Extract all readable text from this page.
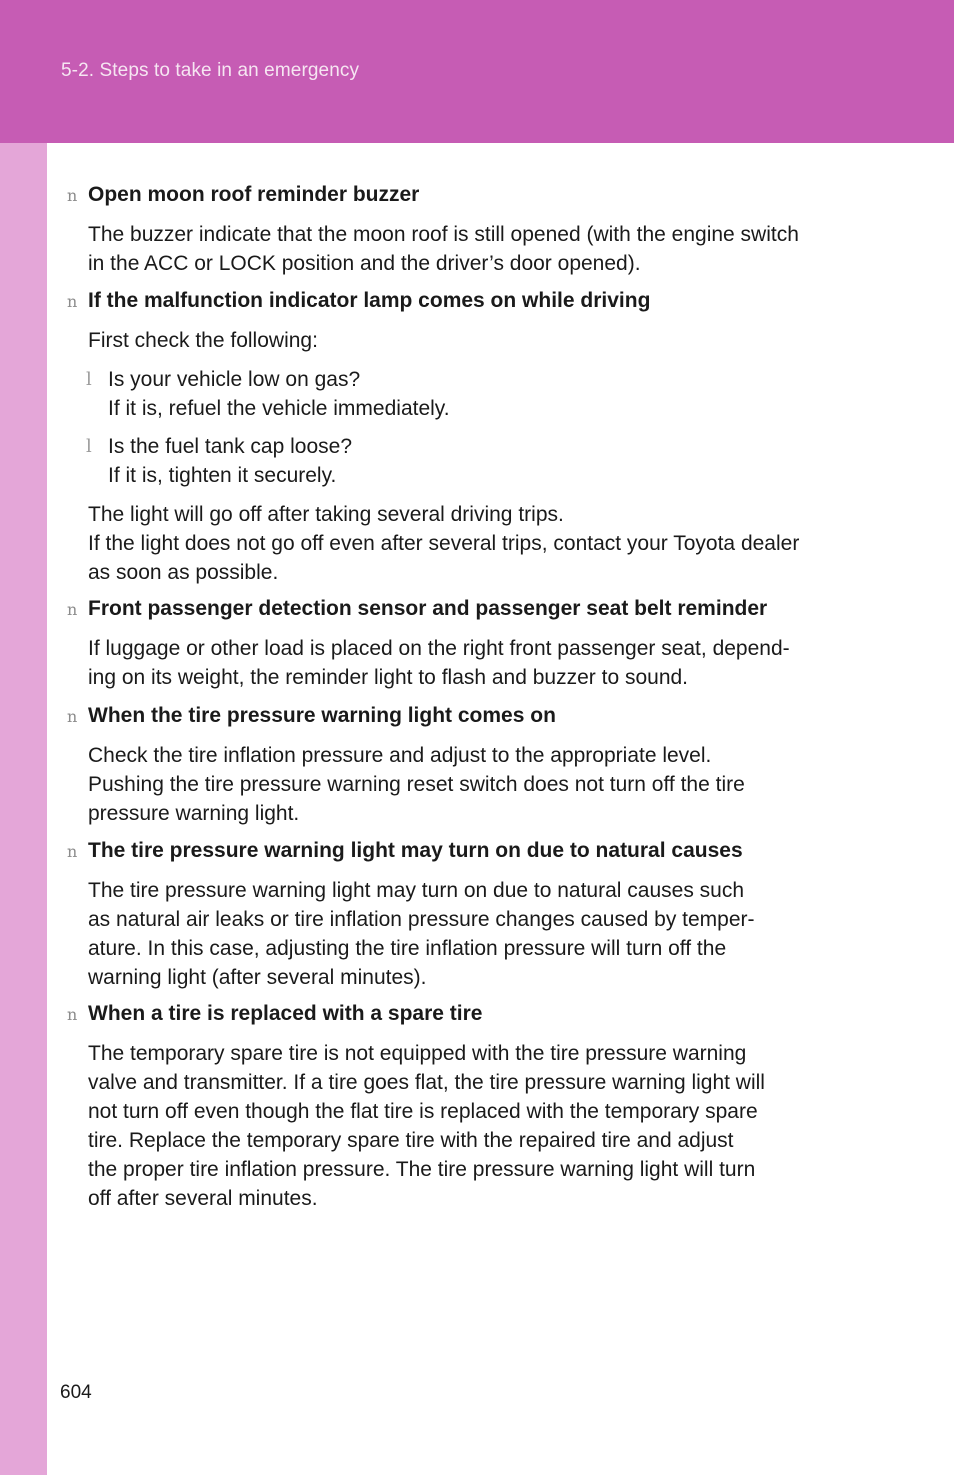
5-2. Steps to take in an emergency
n Open moon roof reminder buzzer
The buzzer indicate that the moon roof is still opened (with the engine switch
in the ACC or LOCK position and the driver’s door opened).
n If the malfunction indicator lamp comes on while driving
First check the following:
l Is your vehicle low on gas?
If it is, refuel the vehicle immediately.
l Is the fuel tank cap loose?
If it is, tighten it securely.
The light will go off after taking several driving trips.
If the light does not go off even after several trips, contact your Toyota dealer
as soon as possible.
n Front passenger detection sensor and passenger seat belt reminder
If luggage or other load is placed on the right front passenger seat, depend-
ing on its weight, the reminder light to flash and buzzer to sound.
n When the tire pressure warning light comes on
Check the tire inflation pressure and adjust to the appropriate level.
Pushing the tire pressure warning reset switch does not turn off the tire
pressure warning light.
n The tire pressure warning light may turn on due to natural causes
The tire pressure warning light may turn on due to natural causes such
as natural air leaks or tire inflation pressure changes caused by temper-
ature. In this case, adjusting the tire inflation pressure will turn off the
warning light (after several minutes).
n When a tire is replaced with a spare tire
The temporary spare tire is not equipped with the tire pressure warning
valve and transmitter. If a tire goes flat, the tire pressure warning light will
not turn off even though the flat tire is replaced with the temporary spare
tire. Replace the temporary spare tire with the repaired tire and adjust
the proper tire inflation pressure. The tire pressure warning light will turn
off after several minutes.
604
